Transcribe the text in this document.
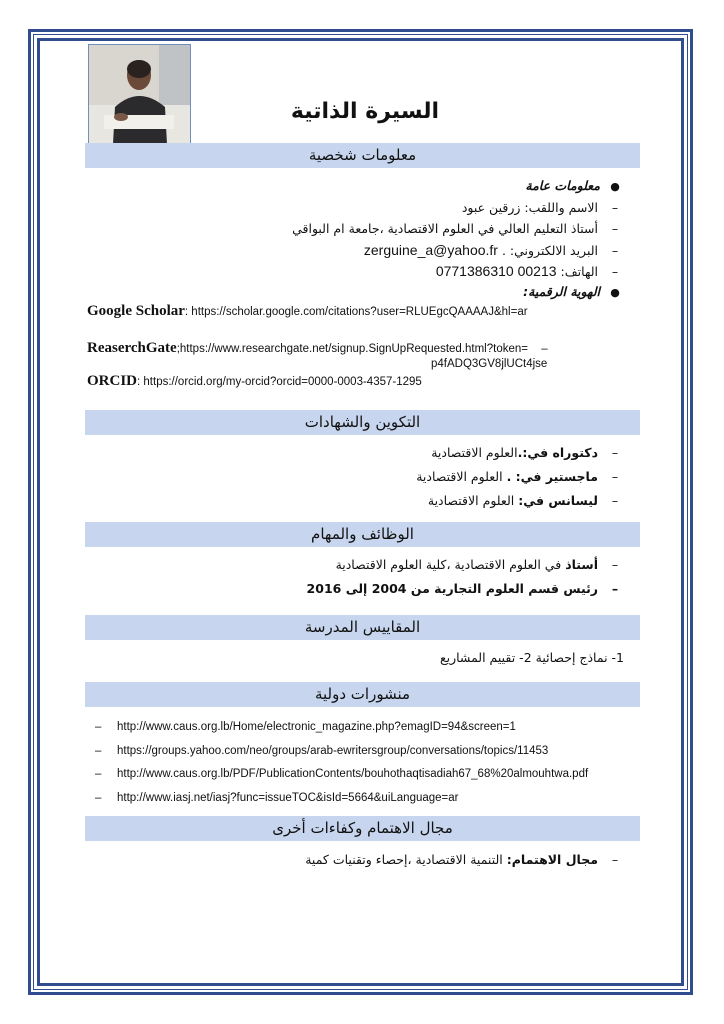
السيرة الذاتية
معلومات شخصية
●معلومات عامة
–الاسم واللقب: زرقين عبود
–أستاذ التعليم العالي في العلوم الاقتصادية ،جامعة ام البواقي
–البريد الالكتروني: . zerguine_a@yahoo.fr
–الهاتف: 00213 0771386310
●الهوية الرقمية:
Google Scholar: https://scholar.google.com/citations?user=RLUEgcQAAAAJ&hl=ar
ReaserchGate;https://www.researchgate.net/signup.SignUpRequested.html?token= –
p4fADQ3GV8jlUCt4jse
ORCID: https://orcid.org/my-orcid?orcid=0000-0003-4357-1295
التكوين والشهادات
–دكتوراه في:.العلوم الاقتصادية
–ماجستير في: . العلوم الاقتصادية
–ليسانس في: العلوم الاقتصادية
الوظائف والمهام
–أستاذ في العلوم الاقتصادية ،كلية العلوم الاقتصادية
–رئيس قسم العلوم التجارية من 2004 إلى 2016
المقاييس المدرسة
1- نماذج إحصائية 2- تقييم المشاريع
منشورات دولية
– http://www.caus.org.lb/Home/electronic_magazine.php?emagID=94&screen=1
– https://groups.yahoo.com/neo/groups/arab-ewritersgroup/conversations/topics/11453
– http://www.caus.org.lb/PDF/PublicationContents/bouhothaqtisadiah67_68%20almouhtwa.pdf
– http://www.iasj.net/iasj?func=issueTOC&isId=5664&uiLanguage=ar
مجال الاهتمام وكفاءات أخرى
–مجال الاهتمام: التنمية الاقتصادية ،إحصاء وتقنيات كمية
